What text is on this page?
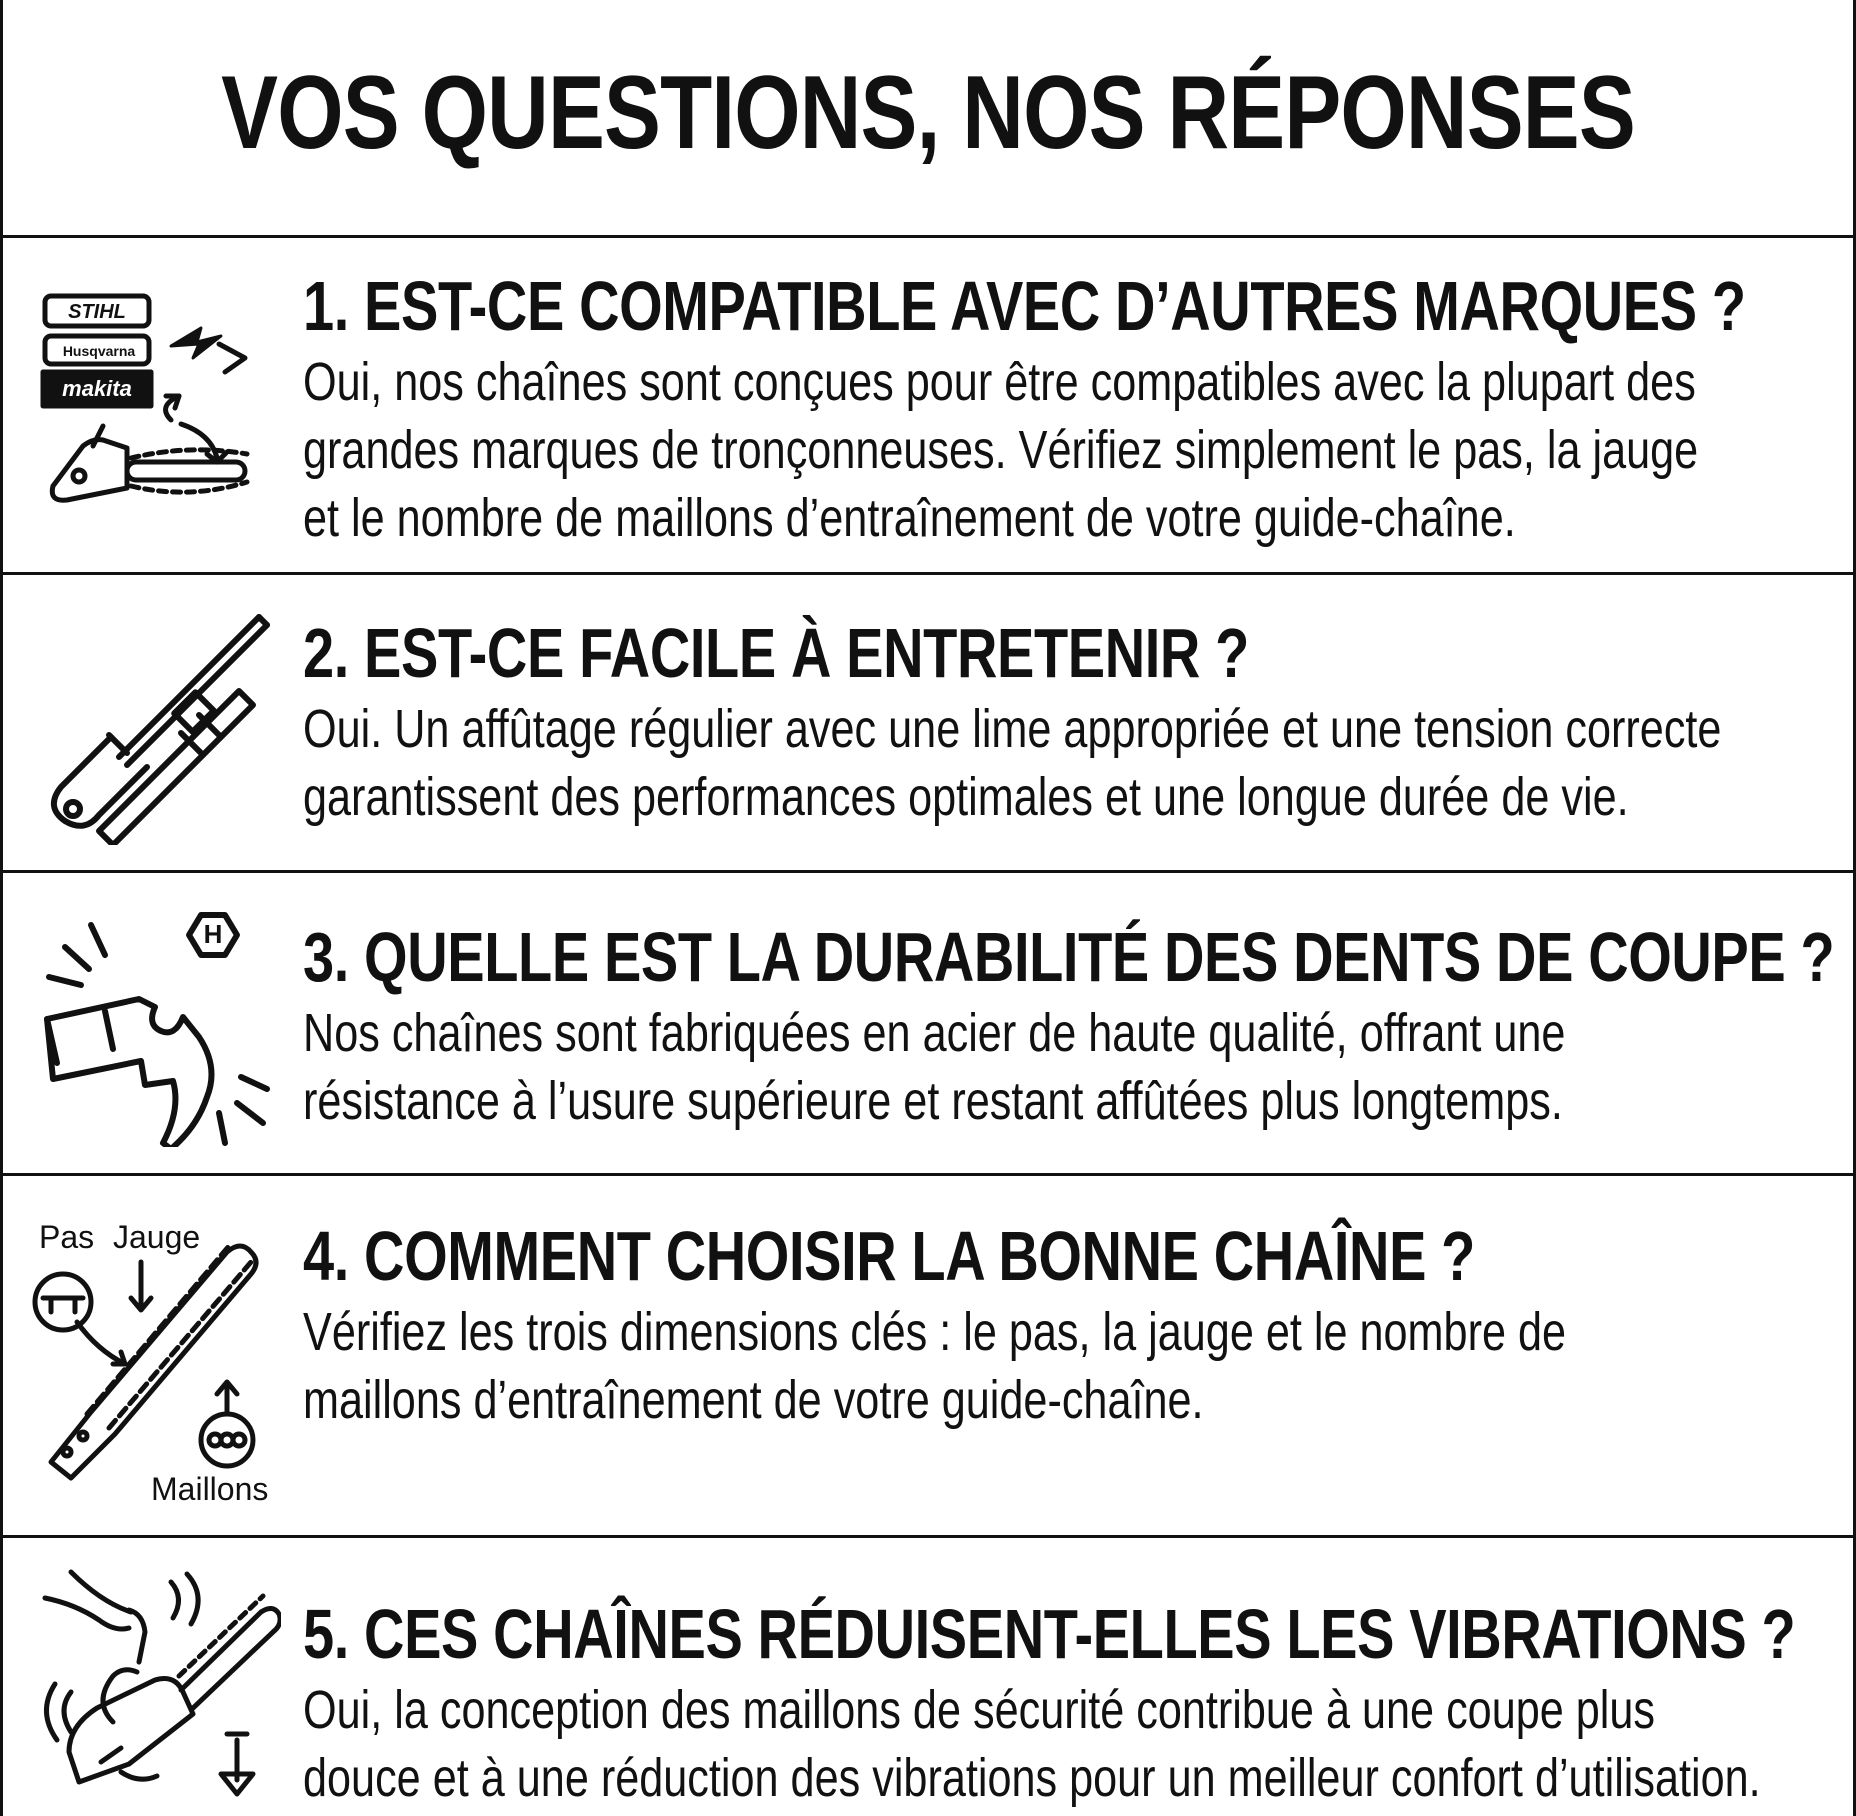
VOS QUESTIONS, NOS RÉPONSES
STIHL
Husqvarna
makita
1. EST-CE COMPATIBLE AVEC D’AUTRES MARQUES ?
Oui, nos chaînes sont conçues pour être compatibles avec la plupart des
grandes marques de tronçonneuses. Vérifiez simplement le pas, la jauge
et le nombre de maillons d’entraînement de votre guide-chaîne.
2. EST-CE FACILE À ENTRETENIR ?
Oui. Un affûtage régulier avec une lime appropriée et une tension correcte
garantissent des performances optimales et une longue durée de vie.
H 3. QUELLE EST LA DURABILITÉ DES DENTS DE COUPE ?
Nos chaînes sont fabriquées en acier de haute qualité, offrant une
résistance à l’usure supérieure et restant affûtées plus longtemps.
Pas Jauge
Maillons
4. COMMENT CHOISIR LA BONNE CHAÎNE ?
Vérifiez les trois dimensions clés : le pas, la jauge et le nombre de
maillons d’entraînement de votre guide-chaîne.
5. CES CHAÎNES RÉDUISENT-ELLES LES VIBRATIONS ?
Oui, la conception des maillons de sécurité contribue à une coupe plus
douce et à une réduction des vibrations pour un meilleur confort d’utilisation.
